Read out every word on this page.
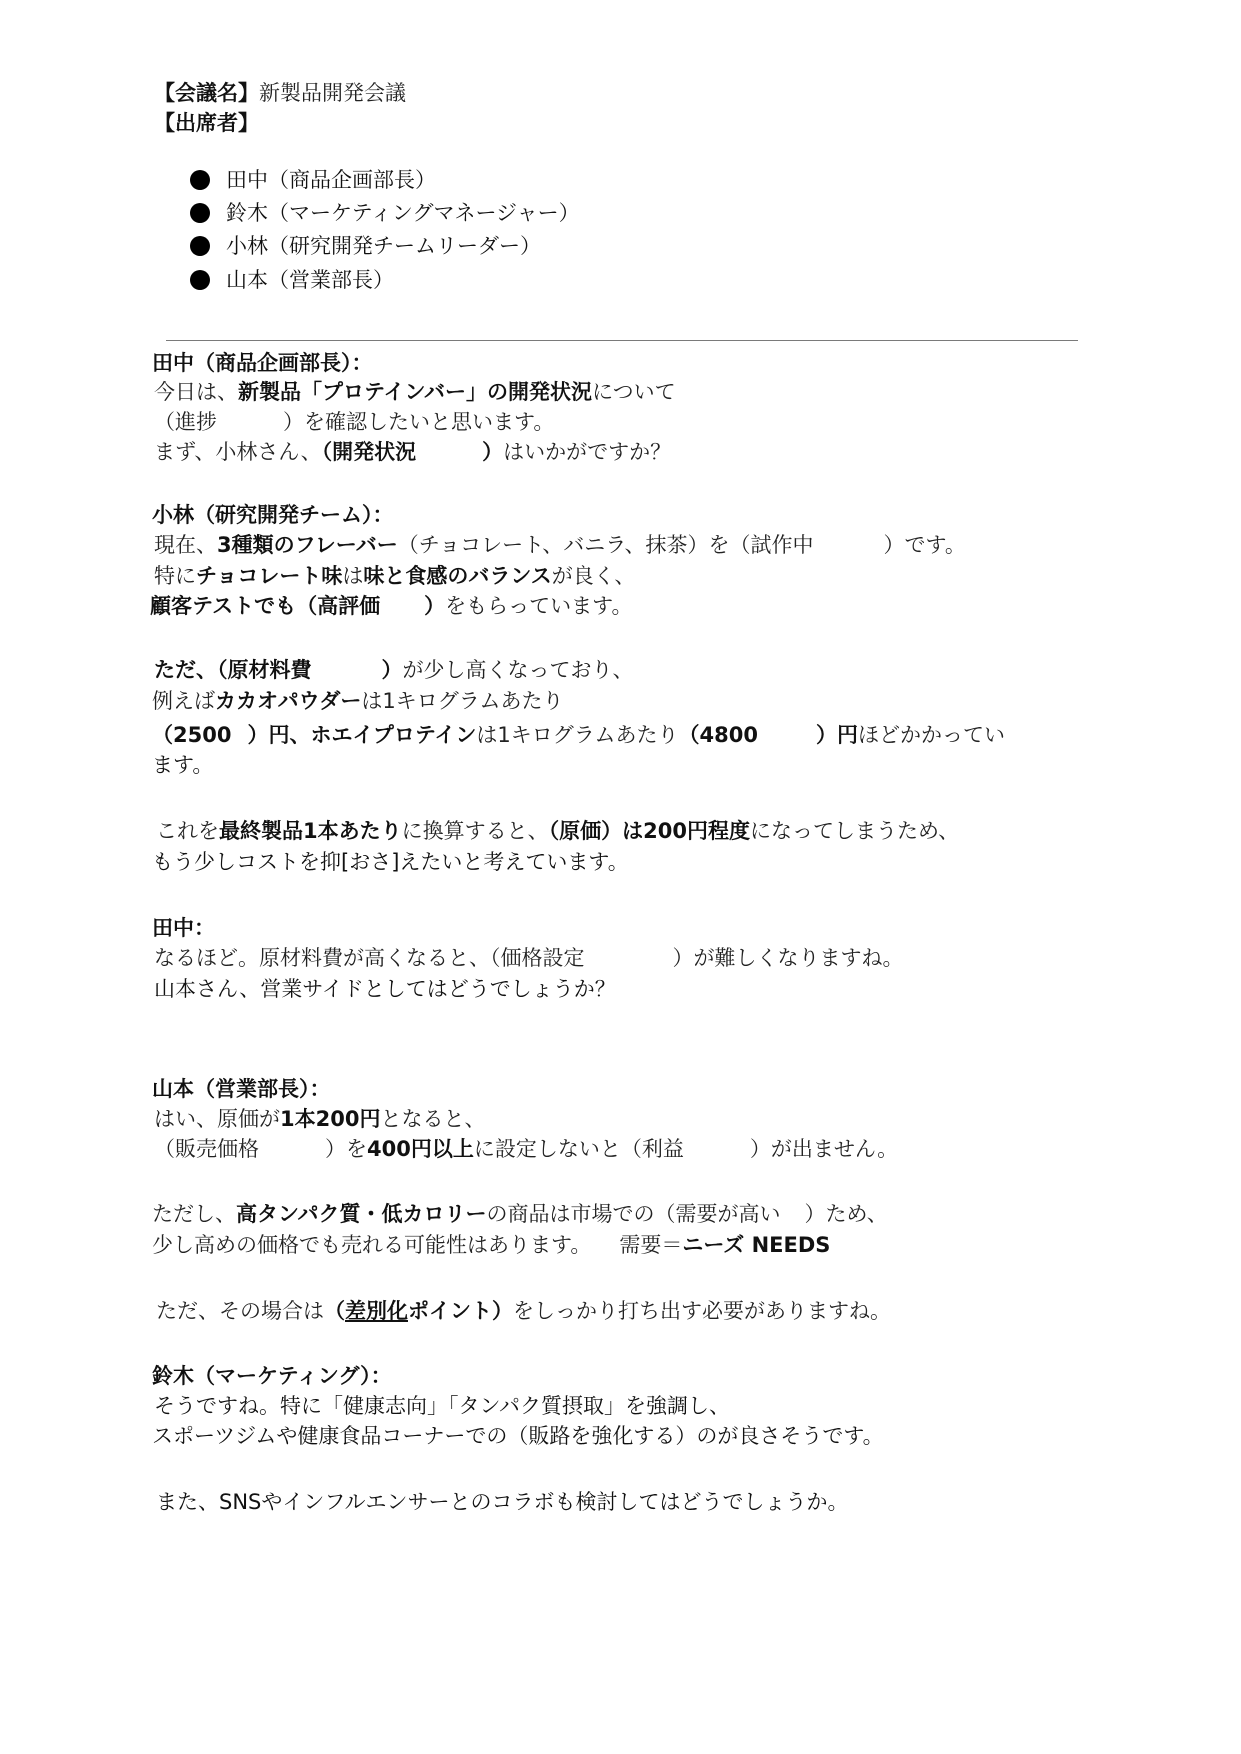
【会議名】新製品開発会議
【出席者】
田中（商品企画部長）
鈴木（マーケティングマネージャー）
小林（研究開発チームリーダー）
山本（営業部長）
田中（商品企画部長）：
今日は、新製品「プロテインバー」の開発状況について
（進捗	）を確認したいと思います。
まず、小林さん、（開発状況	）はいかがですか？
小林（研究開発チーム）：
現在、3種類のフレーバー（チョコレート、バニラ、抹茶）を（試作中	）です。
特にチョコレート味は味と食感のバランスが良く、
顧客テストでも（高評価 ）をもらっています。
ただ、（原材料費	）が少し高くなっており、
例えばカカオパウダーは1キログラムあたり
（2500 ）円、ホエイプロテインは1キログラムあたり（4800	）円ほどかかってい
ます。
これを最終製品1本あたりに換算すると、（原価）は200円程度になってしまうため、
もう少しコストを抑[おさ]えたいと考えています。
田中：
なるほど。原材料費が高くなると、（価格設定	）が難しくなりますね。
山本さん、営業サイドとしてはどうでしょうか？
山本（営業部長）：
はい、原価が1本200円となると、
（販売価格	）を400円以上に設定しないと（利益	）が出ません。
ただし、高タンパク質・低カロリーの商品は市場での（需要が高い ）ため、
少し高めの価格でも売れる可能性はあります。 需要＝ニーズ NEEDS
ただ、その場合は（差別化ポイント）をしっかり打ち出す必要がありますね。
鈴木（マーケティング）：
そうですね。特に「健康志向」「タンパク質摂取」を強調し、
スポーツジムや健康食品コーナーでの（販路を強化する）のが良さそうです。
また、SNSやインフルエンサーとのコラボも検討してはどうでしょうか。
